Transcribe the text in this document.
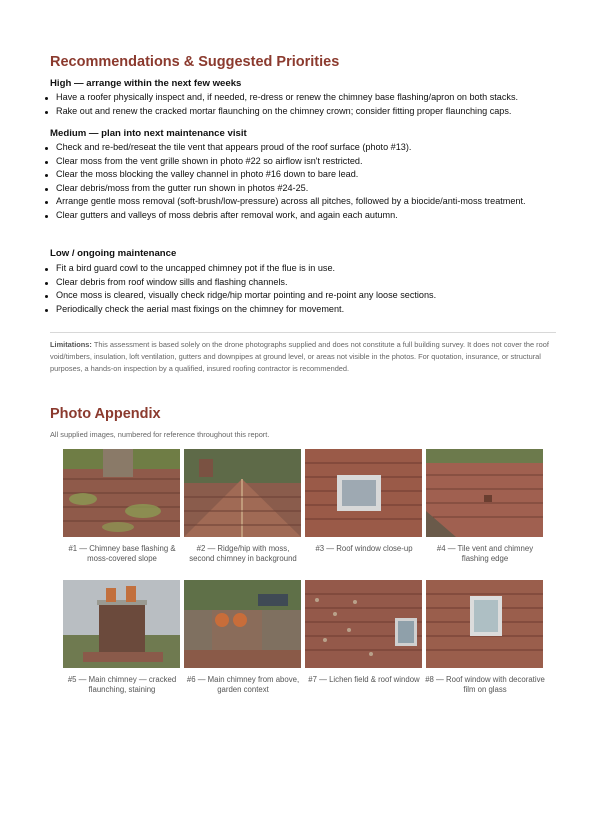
Recommendations & Suggested Priorities
High — arrange within the next few weeks
Have a roofer physically inspect and, if needed, re-dress or renew the chimney base flashing/apron on both stacks.
Rake out and renew the cracked mortar flaunching on the chimney crown; consider fitting proper flaunching caps.
Medium — plan into next maintenance visit
Check and re-bed/reseat the tile vent that appears proud of the roof surface (photo #13).
Clear moss from the vent grille shown in photo #22 so airflow isn't restricted.
Clear the moss blocking the valley channel in photo #16 down to bare lead.
Clear debris/moss from the gutter run shown in photos #24-25.
Arrange gentle moss removal (soft-brush/low-pressure) across all pitches, followed by a biocide/anti-moss treatment.
Clear gutters and valleys of moss debris after removal work, and again each autumn.
Low / ongoing maintenance
Fit a bird guard cowl to the uncapped chimney pot if the flue is in use.
Clear debris from roof window sills and flashing channels.
Once moss is cleared, visually check ridge/hip mortar pointing and re-point any loose sections.
Periodically check the aerial mast fixings on the chimney for movement.
Limitations: This assessment is based solely on the drone photographs supplied and does not constitute a full building survey. It does not cover the roof void/timbers, insulation, loft ventilation, gutters and downpipes at ground level, or areas not visible in the photos. For quotation, insurance, or structural purposes, a hands-on inspection by a qualified, insured roofing contractor is recommended.
Photo Appendix
All supplied images, numbered for reference throughout this report.
#1 — Chimney base flashing & moss-covered slope
#2 — Ridge/hip with moss, second chimney in background
#3 — Roof window close-up	#4 — Tile vent and chimney flashing edge
#5 — Main chimney — cracked flaunching, staining
#6 — Main chimney from above, garden context
#7 — Lichen field & roof window #8 — Roof window with decorative film on glass
